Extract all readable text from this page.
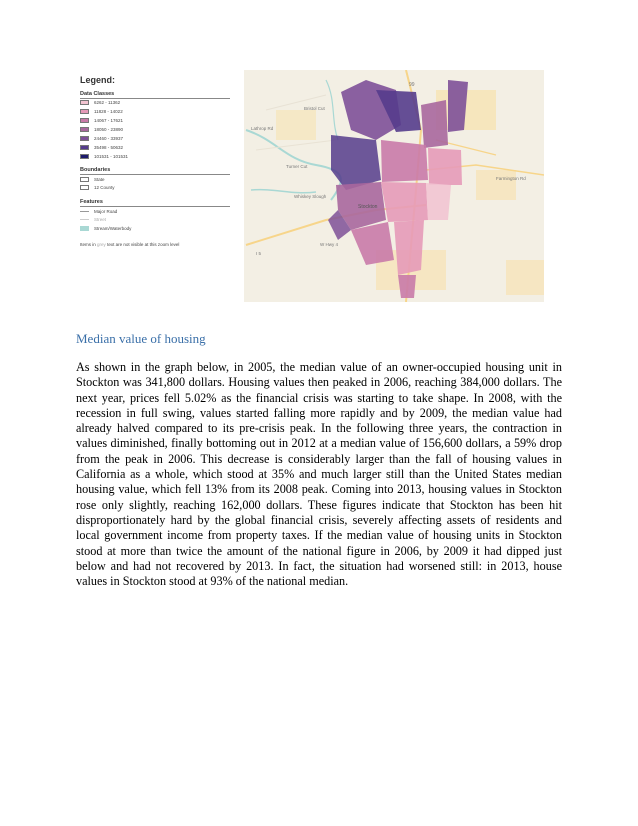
99
W Hwy 4
Farmington Rd
Bristol Cut
Turner Cut
Whiskey Slough
I 5
Lathrop Rd
Stockton
Legend:
Data Classes
6262 - 11362
11828 - 14022
14067 - 17621
18050 - 23890
24460 - 33937
35498 - 50632
101531 - 101531
Boundaries
State
12 County
Features
Major Road
Street
Stream/Waterbody
Items in grey text are not visible at this zoom level
Median value of housing

As shown in the graph below, in 2005, the median value of an owner-occupied housing unit in Stockton was 341,800 dollars. Housing values then peaked in 2006, reaching 384,000 dollars. The next year, prices fell 5.02% as the financial crisis was starting to take shape. In 2008, with the recession in full swing, values started falling more rapidly and by 2009, the median value had already halved compared to its pre-crisis peak. In the following three years, the contraction in values diminished, finally bottoming out in 2012 at a median value of 156,600 dollars, a 59% drop from the peak in 2006. This decrease is considerably larger than the fall of housing values in California as a whole, which stood at 35% and much larger still than the United States median housing value, which fell 13% from its 2008 peak. Coming into 2013, housing values in Stockton rose only slightly, reaching 162,000 dollars. These figures indicate that Stockton has been hit disproportionately hard by the global financial crisis, severely affecting assets of residents and local government income from property taxes. If the median value of housing units in Stockton stood at more than twice the amount of the national figure in 2006, by 2009 it had dipped just below and had not recovered by 2013. In fact, the situation had worsened still: in 2013, house values in Stockton stood at 93% of the national median.
